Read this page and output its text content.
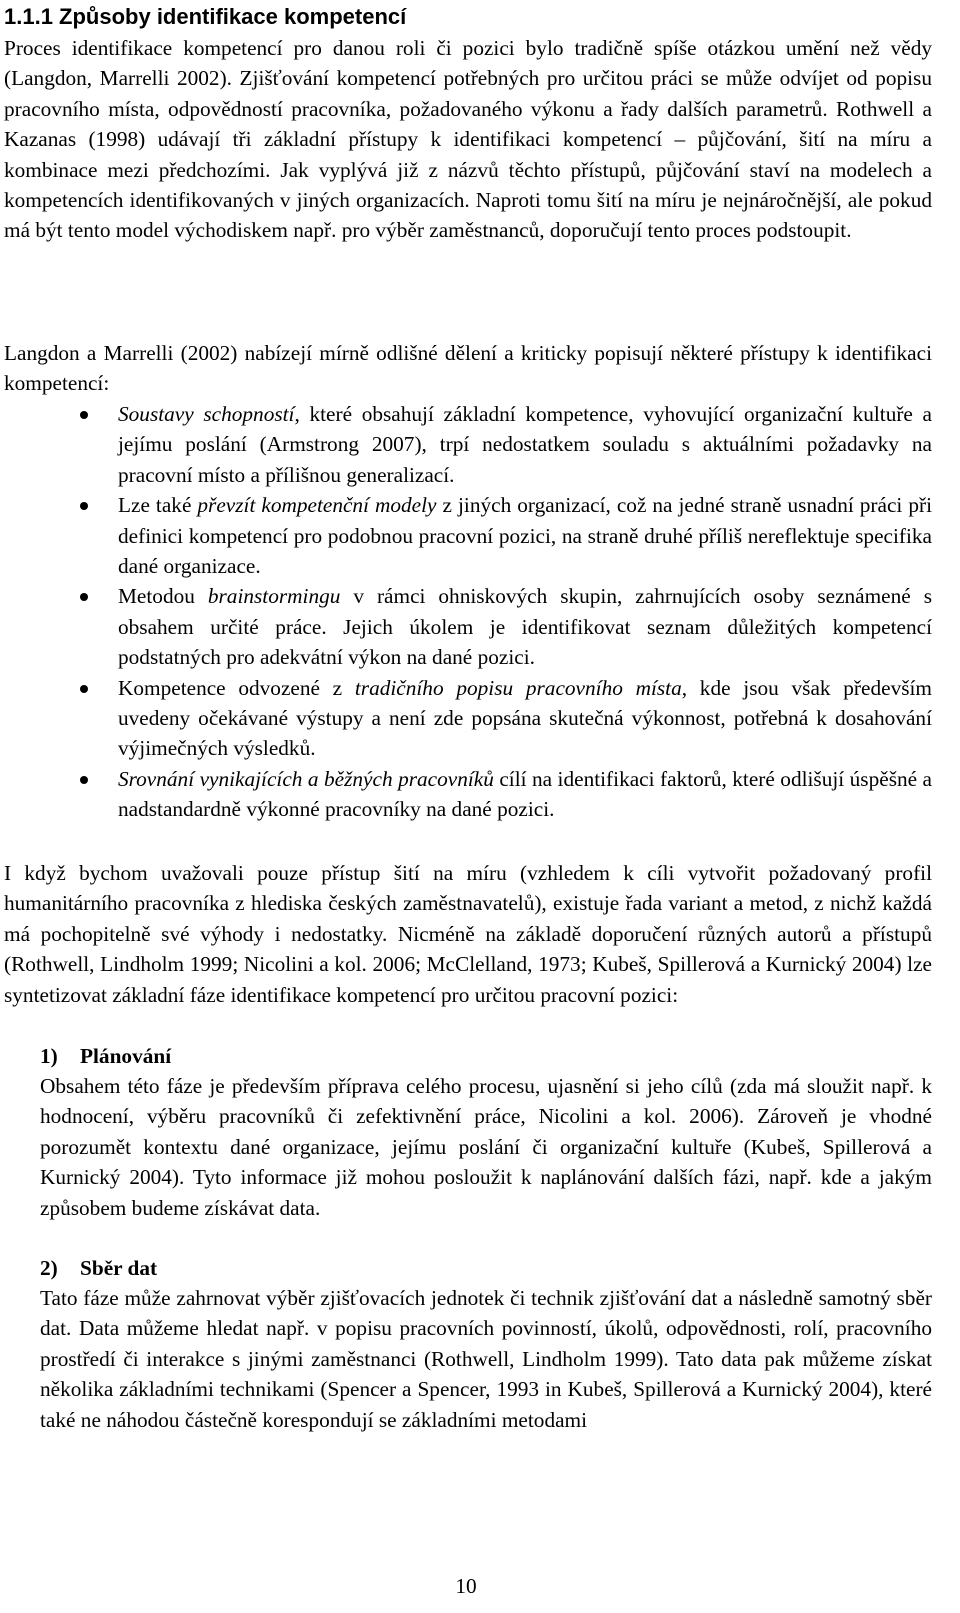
1.1.1 Způsoby identifikace kompetencí

Proces identifikace kompetencí pro danou roli či pozici bylo tradičně spíše otázkou umění než vědy (Langdon, Marrelli 2002). Zjišťování kompetencí potřebných pro určitou práci se může odvíjet od popisu pracovního místa, odpovědností pracovníka, požadovaného výkonu a řady dalších parametrů. Rothwell a Kazanas (1998) udávají tři základní přístupy k identifikaci kompetencí – půjčování, šití na míru a kombinace mezi předchozími. Jak vyplývá již z názvů těchto přístupů, půjčování staví na modelech a kompetencích identifikovaných v jiných organizacích. Naproti tomu šití na míru je nejnáročnější, ale pokud má být tento model východiskem např. pro výběr zaměstnanců, doporučují tento proces podstoupit.

Langdon a Marrelli (2002) nabízejí mírně odlišné dělení a kriticky popisují některé přístupy k identifikaci kompetencí:

Soustavy schopností, které obsahují základní kompetence, vyhovující organizační kultuře a jejímu poslání (Armstrong 2007), trpí nedostatkem souladu s aktuálními požadavky na pracovní místo a přílišnou generalizací.
Lze také převzít kompetenční modely z jiných organizací, což na jedné straně usnadní práci při definici kompetencí pro podobnou pracovní pozici, na straně druhé příliš nereflektuje specifika dané organizace.
Metodou brainstormingu v rámci ohniskových skupin, zahrnujících osoby seznámené s obsahem určité práce. Jejich úkolem je identifikovat seznam důležitých kompetencí podstatných pro adekvátní výkon na dané pozici.
Kompetence odvozené z tradičního popisu pracovního místa, kde jsou však především uvedeny očekávané výstupy a není zde popsána skutečná výkonnost, potřebná k dosahování výjimečných výsledků.
Srovnání vynikajících a běžných pracovníků cílí na identifikaci faktorů, které odlišují úspěšné a nadstandardně výkonné pracovníky na dané pozici.

I když bychom uvažovali pouze přístup šití na míru (vzhledem k cíli vytvořit požadovaný profil humanitárního pracovníka z hlediska českých zaměstnavatelů), existuje řada variant a metod, z nichž každá má pochopitelně své výhody i nedostatky. Nicméně na základě doporučení různých autorů a přístupů (Rothwell, Lindholm 1999; Nicolini a kol. 2006; McClelland, 1973; Kubeš, Spillerová a Kurnický 2004) lze syntetizovat základní fáze identifikace kompetencí pro určitou pracovní pozici:

1) Plánování

Obsahem této fáze je především příprava celého procesu, ujasnění si jeho cílů (zda má sloužit např. k hodnocení, výběru pracovníků či zefektivnění práce, Nicolini a kol. 2006). Zároveň je vhodné porozumět kontextu dané organizace, jejímu poslání či organizační kultuře (Kubeš, Spillerová a Kurnický 2004). Tyto informace již mohou posloužit k naplánování dalších fázi, např. kde a jakým způsobem budeme získávat data.

2) Sběr dat

Tato fáze může zahrnovat výběr zjišťovacích jednotek či technik zjišťování dat a následně samotný sběr dat. Data můžeme hledat např. v popisu pracovních povinností, úkolů, odpovědnosti, rolí, pracovního prostředí či interakce s jinými zaměstnanci (Rothwell, Lindholm 1999). Tato data pak můžeme získat několika základními technikami (Spencer a Spencer, 1993 in Kubeš, Spillerová a Kurnický 2004), které také ne náhodou částečně korespondují se základními metodami

10
